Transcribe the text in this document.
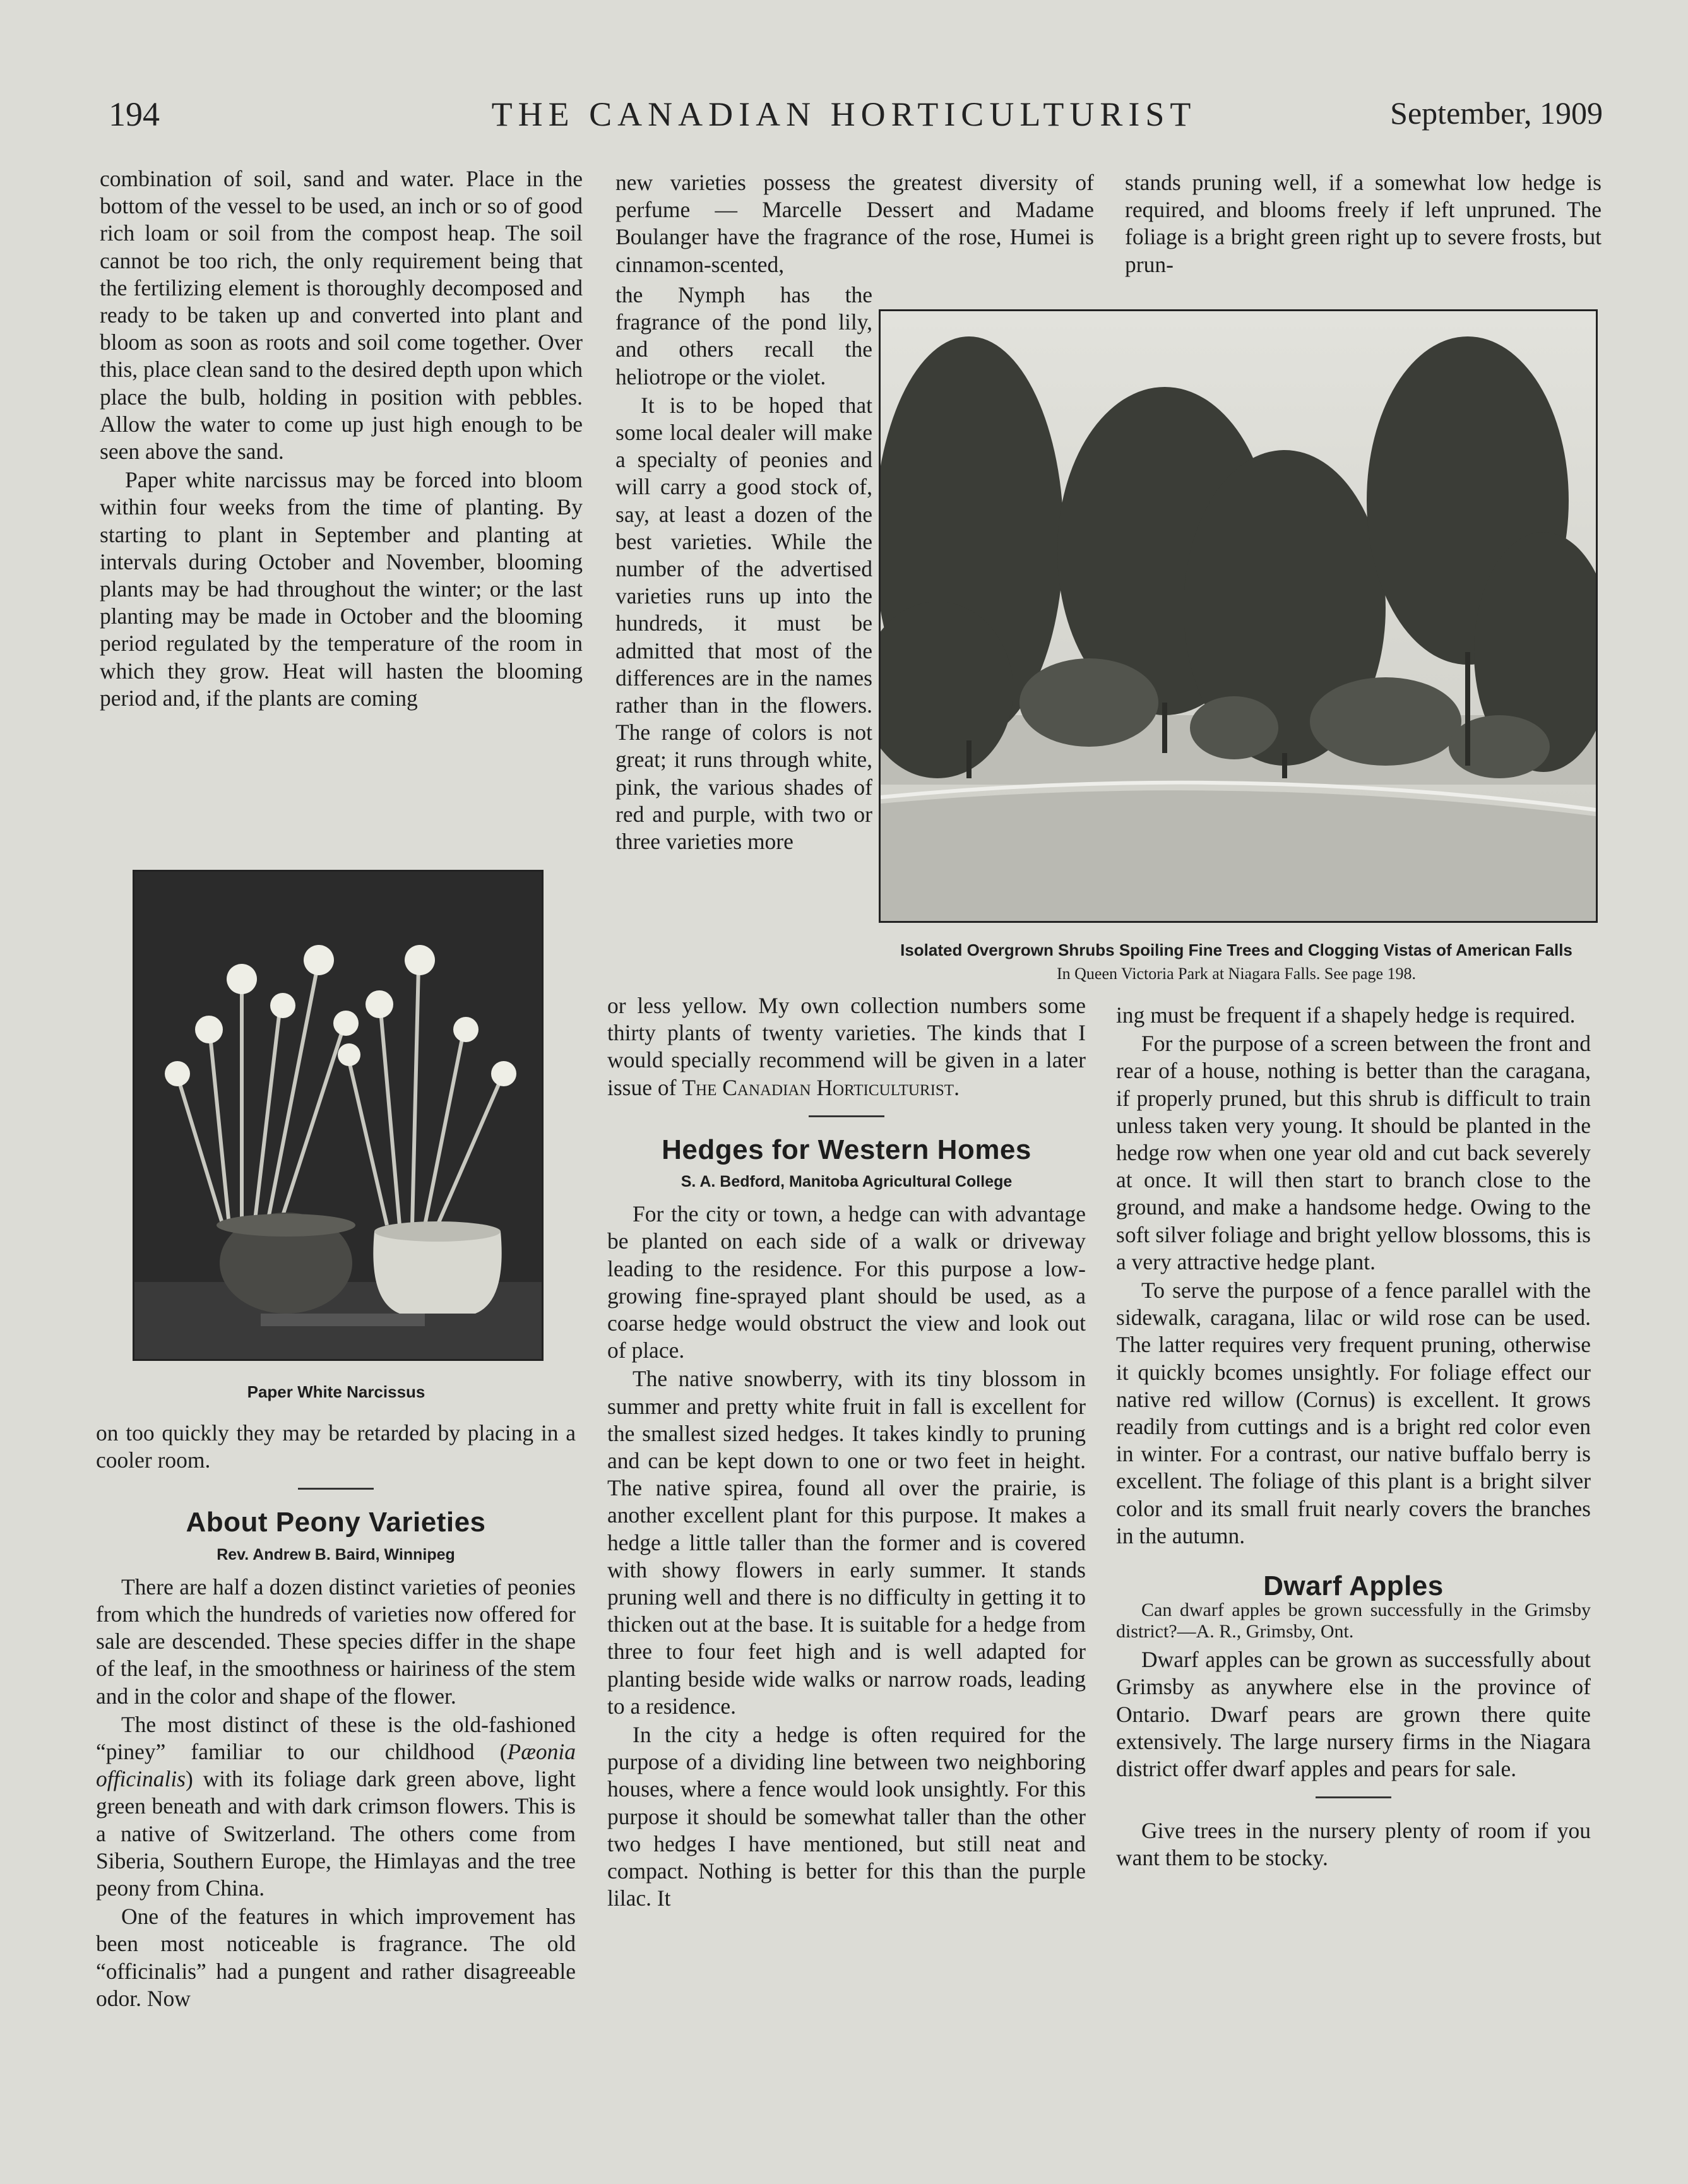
194	THE CANADIAN HORTICULTURIST	September, 1909

combination of soil, sand and water. Place in the bottom of the vessel to be used, an inch or so of good rich loam or soil from the compost heap. The soil cannot be too rich, the only requirement being that the fertilizing element is thoroughly decomposed and ready to be taken up and converted into plant and bloom as soon as roots and soil come together. Over this, place clean sand to the desired depth upon which place the bulb, holding in position with pebbles. Allow the water to come up just high enough to be seen above the sand.

Paper white narcissus may be forced into bloom within four weeks from the time of planting. By starting to plant in September and planting at intervals during October and November, blooming plants may be had throughout the winter; or the last planting may be made in October and the blooming period regulated by the temperature of the room in which they grow. Heat will hasten the blooming period and, if the plants are coming

Paper White Narcissus

on too quickly they may be retarded by placing in a cooler room.

About Peony Varieties
Rev. Andrew B. Baird, Winnipeg

There are half a dozen distinct varieties of peonies from which the hundreds of varieties now offered for sale are descended. These species differ in the shape of the leaf, in the smoothness or hairiness of the stem and in the color and shape of the flower.

The most distinct of these is the old-fashioned “piney” familiar to our childhood (Pæonia officinalis) with its foliage dark green above, light green beneath and with dark crimson flowers. This is a native of Switzerland. The others come from Siberia, Southern Europe, the Himlayas and the tree peony from China.

One of the features in which improvement has been most noticeable is fragrance. The old “officinalis” had a pungent and rather disagreeable odor. Now

new varieties possess the greatest diversity of perfume — Marcelle Dessert and Madame Boulanger have the fragrance of the rose, Humei is cinnamon-scented,

the Nymph has the fragrance of the pond lily, and others recall the heliotrope or the violet.

It is to be hoped that some local dealer will make a specialty of peonies and will carry a good stock of, say, at least a dozen of the best varieties. While the number of the advertised varieties runs up into the hundreds, it must be admitted that most of the differences are in the names rather than in the flowers. The range of colors is not great; it runs through white, pink, the various shades of red and purple, with two or three varieties more

stands pruning well, if a somewhat low hedge is required, and blooms freely if left unpruned. The foliage is a bright green right up to severe frosts, but prun-

Isolated Overgrown Shrubs Spoiling Fine Trees and Clogging Vistas of American Falls
In Queen Victoria Park at Niagara Falls. See page 198.

or less yellow. My own collection numbers some thirty plants of twenty varieties. The kinds that I would specially recommend will be given in a later issue of The Canadian Horticulturist.

Hedges for Western Homes
S. A. Bedford, Manitoba Agricultural College

For the city or town, a hedge can with advantage be planted on each side of a walk or driveway leading to the residence. For this purpose a low-growing fine-sprayed plant should be used, as a coarse hedge would obstruct the view and look out of place.

The native snowberry, with its tiny blossom in summer and pretty white fruit in fall is excellent for the smallest sized hedges. It takes kindly to pruning and can be kept down to one or two feet in height. The native spirea, found all over the prairie, is another excellent plant for this purpose. It makes a hedge a little taller than the former and is covered with showy flowers in early summer. It stands pruning well and there is no difficulty in getting it to thicken out at the base. It is suitable for a hedge from three to four feet high and is well adapted for planting beside wide walks or narrow roads, leading to a residence.

In the city a hedge is often required for the purpose of a dividing line between two neighboring houses, where a fence would look unsightly. For this purpose it should be somewhat taller than the other two hedges I have mentioned, but still neat and compact. Nothing is better for this than the purple lilac. It

ing must be frequent if a shapely hedge is required.

For the purpose of a screen between the front and rear of a house, nothing is better than the caragana, if properly pruned, but this shrub is difficult to train unless taken very young. It should be planted in the hedge row when one year old and cut back severely at once. It will then start to branch close to the ground, and make a handsome hedge. Owing to the soft silver foliage and bright yellow blossoms, this is a very attractive hedge plant.

To serve the purpose of a fence parallel with the sidewalk, caragana, lilac or wild rose can be used. The latter requires very frequent pruning, otherwise it quickly bcomes unsightly. For foliage effect our native red willow (Cornus) is excellent. It grows readily from cuttings and is a bright red color even in winter. For a contrast, our native buffalo berry is excellent. The foliage of this plant is a bright silver color and its small fruit nearly covers the branches in the autumn.

Dwarf Apples

Can dwarf apples be grown successfully in the Grimsby district?—A. R., Grimsby, Ont.

Dwarf apples can be grown as successfully about Grimsby as anywhere else in the province of Ontario. Dwarf pears are grown there quite extensively. The large nursery firms in the Niagara district offer dwarf apples and pears for sale.

Give trees in the nursery plenty of room if you want them to be stocky.
